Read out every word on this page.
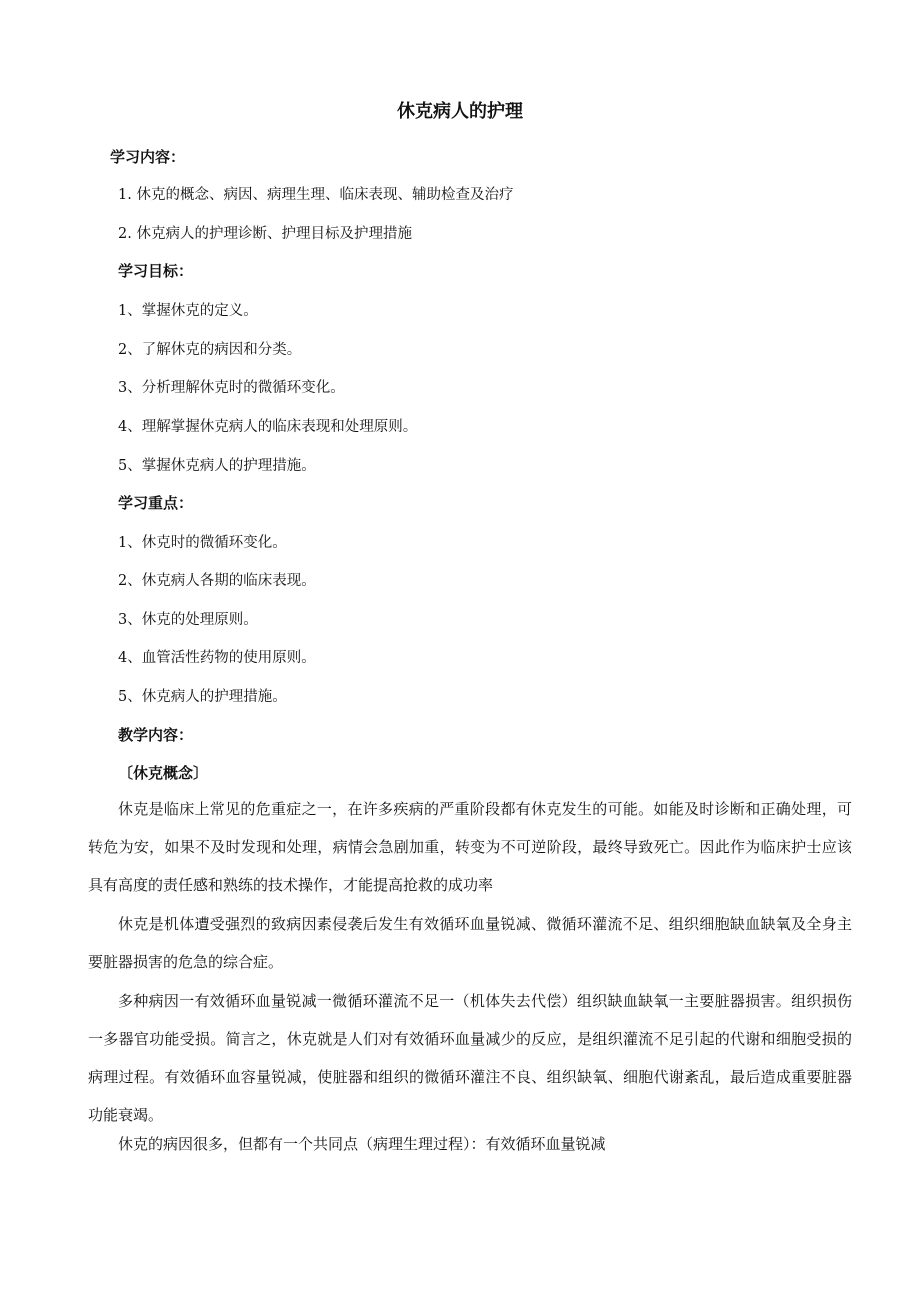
休克病人的护理
学习内容：
1. 休克的概念、病因、病理生理、临床表现、辅助检查及治疗
2. 休克病人的护理诊断、护理目标及护理措施
学习目标：
1、掌握休克的定义。
2、了解休克的病因和分类。
3、分析理解休克时的微循环变化。
4、理解掌握休克病人的临床表现和处理原则。
5、掌握休克病人的护理措施。
学习重点：
1、休克时的微循环变化。
2、休克病人各期的临床表现。
3、休克的处理原则。
4、血管活性药物的使用原则。
5、休克病人的护理措施。
教学内容：
〔休克概念〕
休克是临床上常见的危重症之一，在许多疾病的严重阶段都有休克发生的可能。如能及时诊断和正确处理，可转危为安，如果不及时发现和处理，病情会急剧加重，转变为不可逆阶段，最终导致死亡。因此作为临床护士应该具有高度的责任感和熟练的技术操作，才能提高抢救的成功率
休克是机体遭受强烈的致病因素侵袭后发生有效循环血量锐减、微循环灌流不足、组织细胞缺血缺氧及全身主要脏器损害的危急的综合症。
多种病因一有效循环血量锐减一微循环灌流不足一（机体失去代偿）组织缺血缺氧一主要脏器损害。组织损伤一多器官功能受损。简言之，休克就是人们对有效循环血量减少的反应，是组织灌流不足引起的代谢和细胞受损的病理过程。有效循环血容量锐减，使脏器和组织的微循环灌注不良、组织缺氧、细胞代谢紊乱，最后造成重要脏器功能衰竭。
休克的病因很多，但都有一个共同点（病理生理过程）：有效循环血量锐减
